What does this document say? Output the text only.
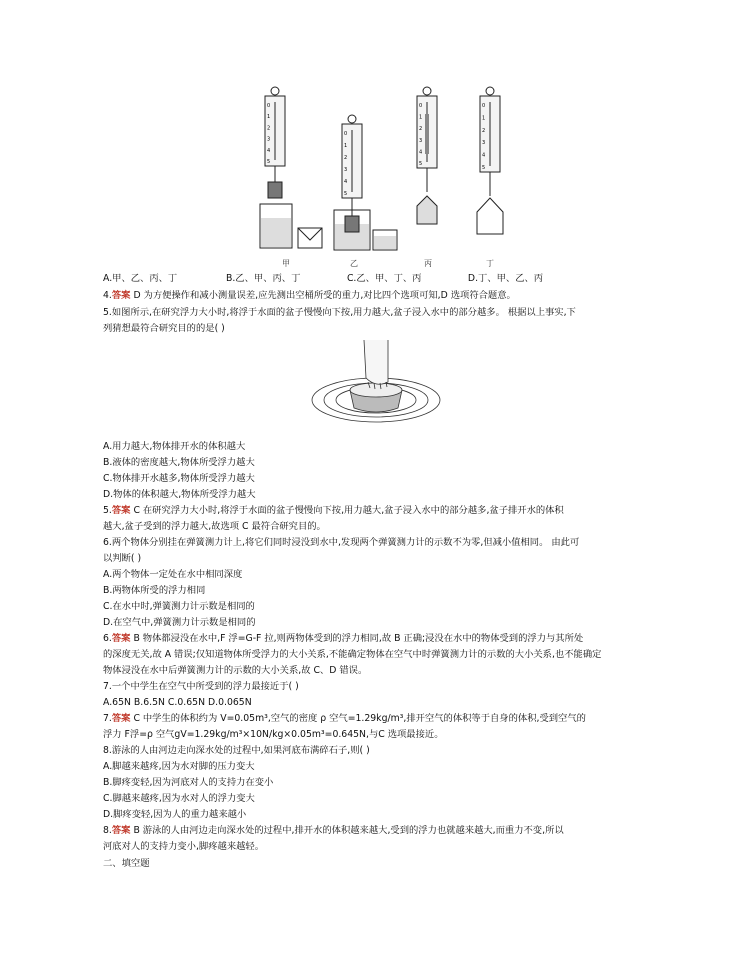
0
1
2
3
4
5
0
1
2
3
4
5
0
1
2
3
4
5
0
1
2
3
4
5
甲	乙	丙	丁
A.甲、乙、丙、丁	B.乙、甲、丙、丁	C.乙、甲、丁、丙	D.丁、甲、乙、丙
4.答案 D 为方便操作和减小测量误差,应先测出空桶所受的重力,对比四个选项可知,D 选项符合题意。
5.如图所示,在研究浮力大小时,将浮于水面的盆子慢慢向下按,用力越大,盆子浸入水中的部分越多。 根据以上事实,下
列猜想最符合研究目的的是( )
A.用力越大,物体排开水的体积越大
B.液体的密度越大,物体所受浮力越大
C.物体排开水越多,物体所受浮力越大
D.物体的体积越大,物体所受浮力越大
5.答案 C 在研究浮力大小时,将浮于水面的盆子慢慢向下按,用力越大,盆子浸入水中的部分越多,盆子排开水的体积
越大,盆子受到的浮力越大,故选项 C 最符合研究目的。
6.两个物体分别挂在弹簧测力计上,将它们同时浸没到水中,发现两个弹簧测力计的示数不为零,但减小值相同。 由此可
以判断( )
A.两个物体一定处在水中相同深度
B.两物体所受的浮力相同
C.在水中时,弹簧测力计示数是相同的
D.在空气中,弹簧测力计示数是相同的
6.答案 B 物体都浸没在水中,F 浮=G-F 拉,则两物体受到的浮力相同,故 B 正确;浸没在水中的物体受到的浮力与其所处
的深度无关,故 A 错误;仅知道物体所受浮力的大小关系,不能确定物体在空气中时弹簧测力计的示数的大小关系,也不能确定
物体浸没在水中后弹簧测力计的示数的大小关系,故 C、D 错误。
7.一个中学生在空气中所受到的浮力最接近于( )
A.65N B.6.5N C.0.65N D.0.065N
7.答案 C 中学生的体积约为 V=0.05m³,空气的密度 ρ 空气=1.29kg/m³,排开空气的体积等于自身的体积,受到空气的
浮力 F浮=ρ 空气gV=1.29kg/m³×10N/kg×0.05m³=0.645N,与C 选项最接近。
8.游泳的人由河边走向深水处的过程中,如果河底布满碎石子,则( )
A.脚越来越疼,因为水对脚的压力变大
B.脚疼变轻,因为河底对人的支持力在变小
C.脚越来越疼,因为水对人的浮力变大
D.脚疼变轻,因为人的重力越来越小
8.答案 B 游泳的人由河边走向深水处的过程中,排开水的体积越来越大,受到的浮力也就越来越大,而重力不变,所以
河底对人的支持力变小,脚疼越来越轻。
二、填空题
